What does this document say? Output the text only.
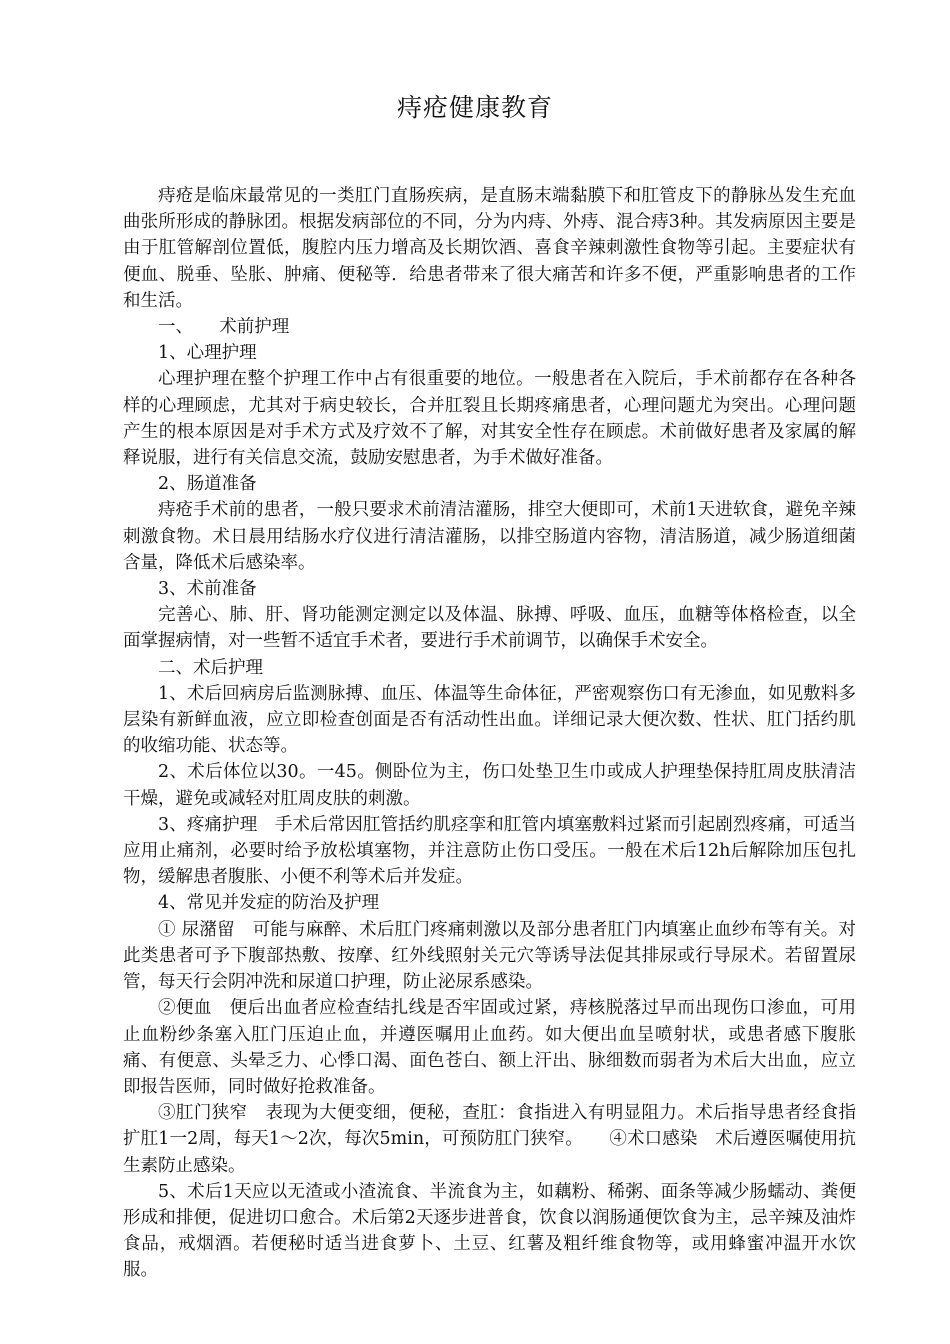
痔疮健康教育

痔疮是临床最常见的一类肛门直肠疾病，是直肠末端黏膜下和肛管皮下的静脉丛发生充血曲张所形成的静脉团。根据发病部位的不同，分为内痔、外痔、混合痔3种。其发病原因主要是由于肛管解剖位置低，腹腔内压力增高及长期饮酒、喜食辛辣刺激性食物等引起。主要症状有便血、脱垂、坠胀、肿痛、便秘等．给患者带来了很大痛苦和许多不便，严重影响患者的工作和生活。

一、　　术前护理

1、心理护理

心理护理在整个护理工作中占有很重要的地位。一般患者在入院后，手术前都存在各种各样的心理顾虑，尤其对于病史较长，合并肛裂且长期疼痛患者，心理问题尤为突出。心理问题产生的根本原因是对手术方式及疗效不了解，对其安全性存在顾虑。术前做好患者及家属的解释说服，进行有关信息交流，鼓励安慰患者，为手术做好准备。

2、肠道准备

痔疮手术前的患者，一般只要求术前清洁灌肠，排空大便即可，术前1天进软食，避免辛辣刺激食物。术日晨用结肠水疗仪进行清洁灌肠，以排空肠道内容物，清洁肠道，减少肠道细菌含量，降低术后感染率。

3、术前准备

完善心、肺、肝、肾功能测定测定以及体温、脉搏、呼吸、血压，血糖等体格检查，以全面掌握病情，对一些暂不适宜手术者，要进行手术前调节，以确保手术安全。

二、术后护理

1、术后回病房后监测脉搏、血压、体温等生命体征，严密观察伤口有无渗血，如见敷料多层染有新鲜血液，应立即检查创面是否有活动性出血。详细记录大便次数、性状、肛门括约肌的收缩功能、状态等。

2、术后体位以30。一45。侧卧位为主，伤口处垫卫生巾或成人护理垫保持肛周皮肤清洁干燥，避免或减轻对肛周皮肤的刺激。

3、疼痛护理　手术后常因肛管括约肌痉挛和肛管内填塞敷料过紧而引起剧烈疼痛，可适当应用止痛剂，必要时给予放松填塞物，并注意防止伤口受压。一般在术后12h后解除加压包扎物，缓解患者腹胀、小便不利等术后并发症。

4、常见并发症的防治及护理

① 尿潴留　可能与麻醉、术后肛门疼痛刺激以及部分患者肛门内填塞止血纱布等有关。对此类患者可予下腹部热敷、按摩、红外线照射关元穴等诱导法促其排尿或行导尿术。若留置尿管，每天行会阴冲洗和尿道口护理，防止泌尿系感染。

②便血　便后出血者应检查结扎线是否牢固或过紧，痔核脱落过早而出现伤口渗血，可用止血粉纱条塞入肛门压迫止血，并遵医嘱用止血药。如大便出血呈喷射状，或患者感下腹胀痛、有便意、头晕乏力、心悸口渴、面色苍白、额上汗出、脉细数而弱者为术后大出血，应立即报告医师，同时做好抢救准备。

③肛门狭窄　表现为大便变细，便秘，查肛：食指进入有明显阻力。术后指导患者经食指扩肛1一2周，每天1～2次，每次5min，可预防肛门狭窄。　　④术口感染　术后遵医嘱使用抗生素防止感染。

5、术后1天应以无渣或小渣流食、半流食为主，如藕粉、稀粥、面条等减少肠蠕动、粪便形成和排便，促进切口愈合。术后第2天逐步进普食，饮食以润肠通便饮食为主，忌辛辣及油炸食品，戒烟酒。若便秘时适当进食萝卜、土豆、红薯及粗纤维食物等，或用蜂蜜冲温开水饮服。
